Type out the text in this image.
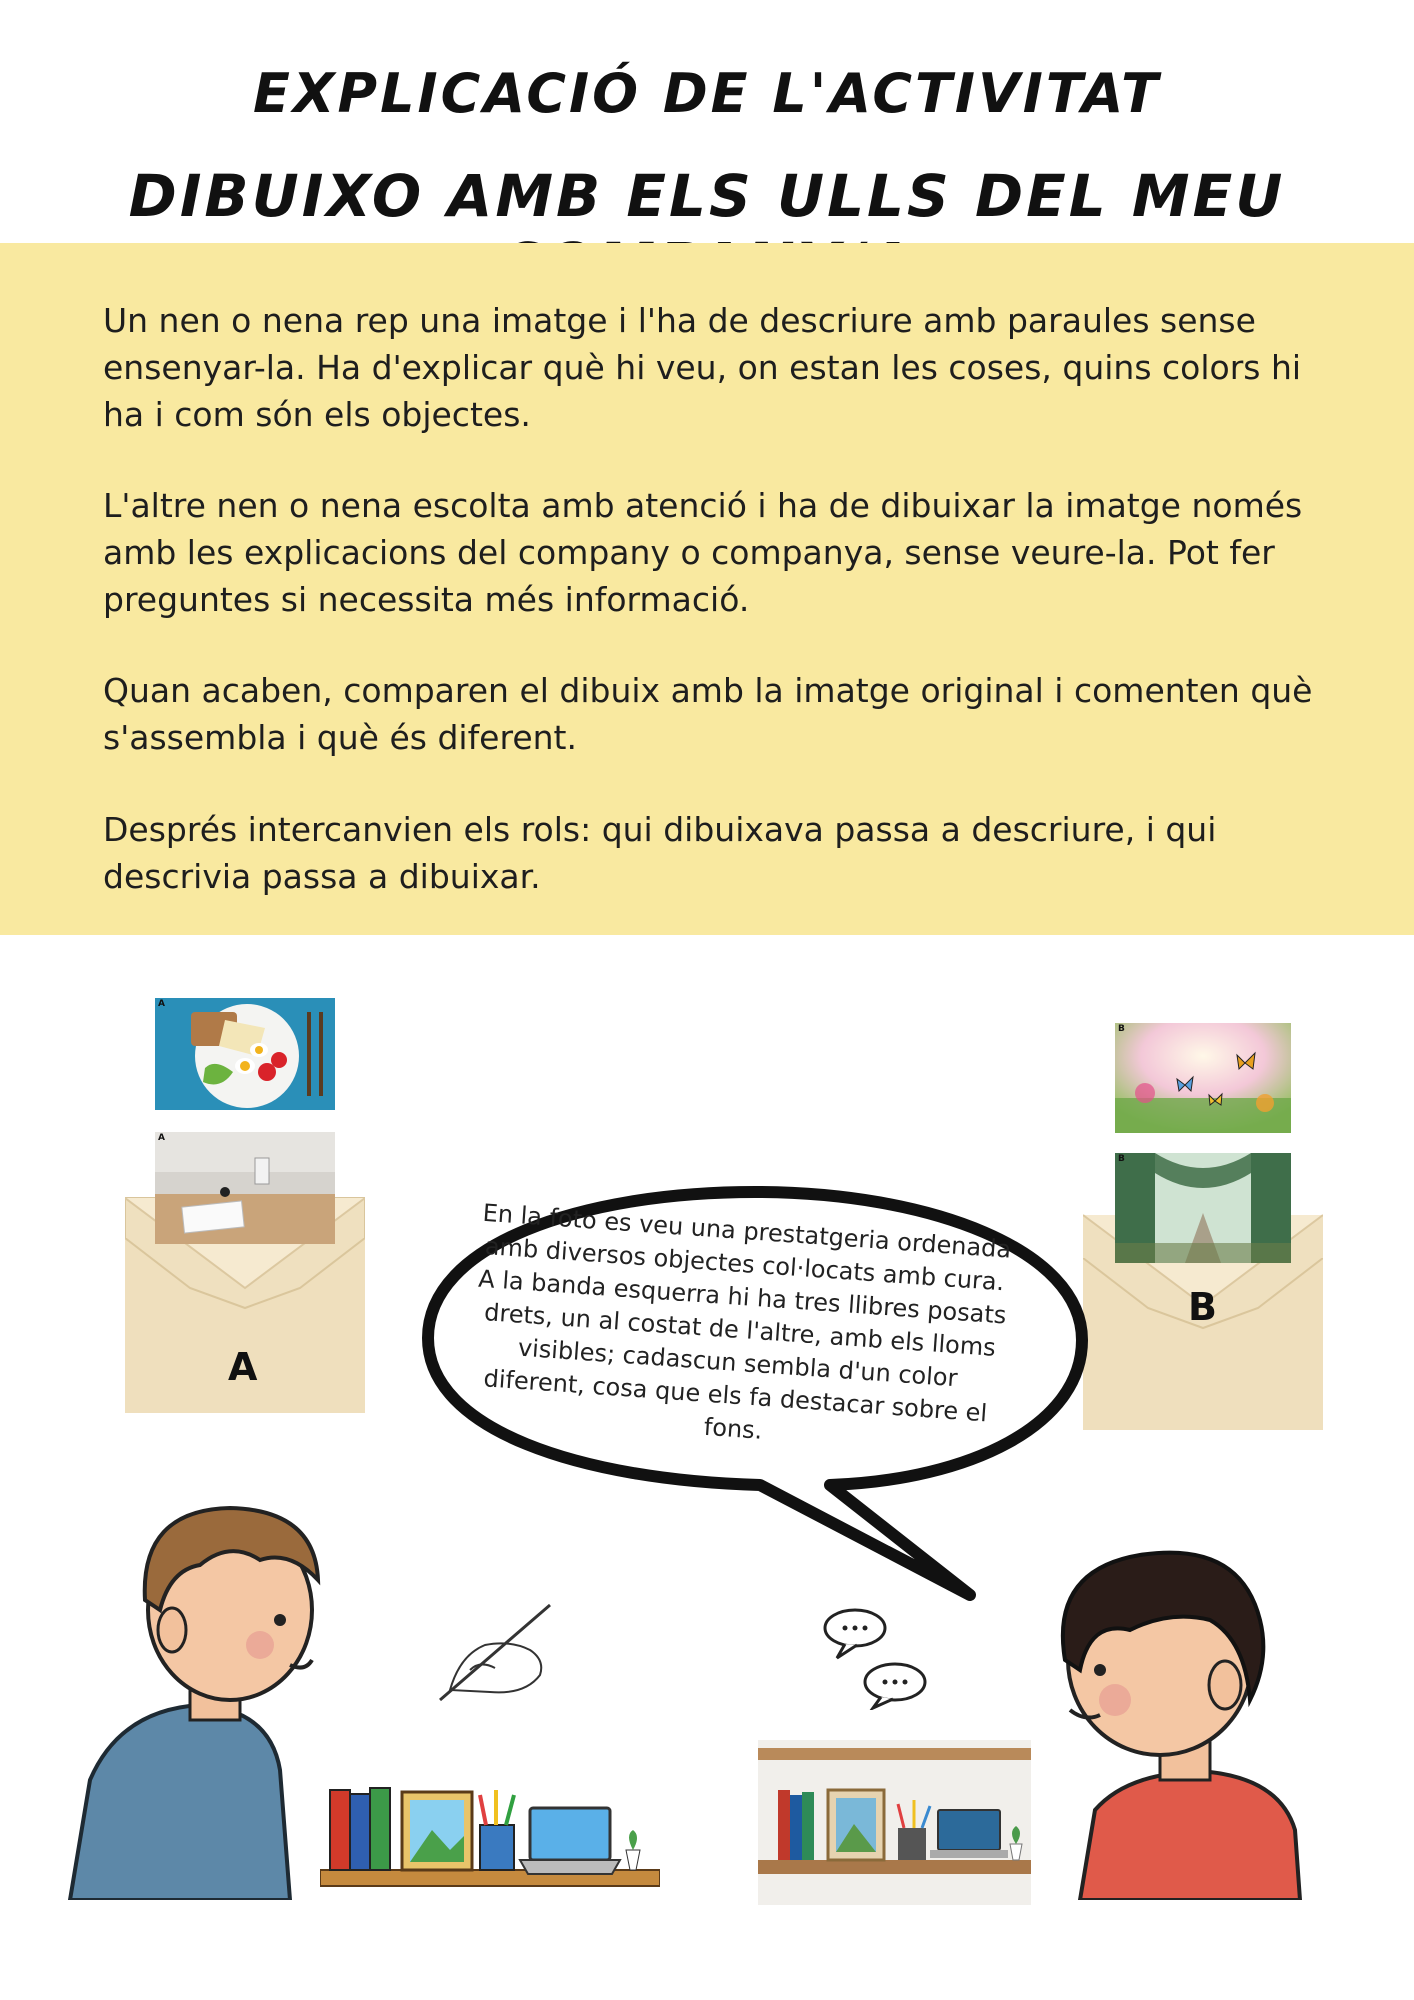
EXPLICACIÓ DE L'ACTIVITAT
DIBUIXO AMB ELS ULLS DEL MEU
Un nen o nena rep una imatge i l'ha de descriure amb paraules sense ensenyar-la. Ha d'explicar què hi veu, on estan les coses, quins colors hi ha i com són els objectes.
L'altre nen o nena escolta amb atenció i ha de dibuixar la imatge només amb les explicacions del company o companya, sense veure-la. Pot fer preguntes si necessita més informació.
Quan acaben, comparen el dibuix amb la imatge original i comenten què s'assembla i què és diferent.
Després intercanvien els rols: qui dibuixava passa a descriure, i qui descrivia passa a dibuixar.
A
A
A
B
B
B
En la foto es veu una prestatgeria ordenada amb diversos objectes col·locats amb cura. A la banda esquerra hi ha tres llibres posats drets, un al costat de l'altre, amb els lloms visibles; cadascun sembla d'un color diferent, cosa que els fa destacar sobre el fons.
